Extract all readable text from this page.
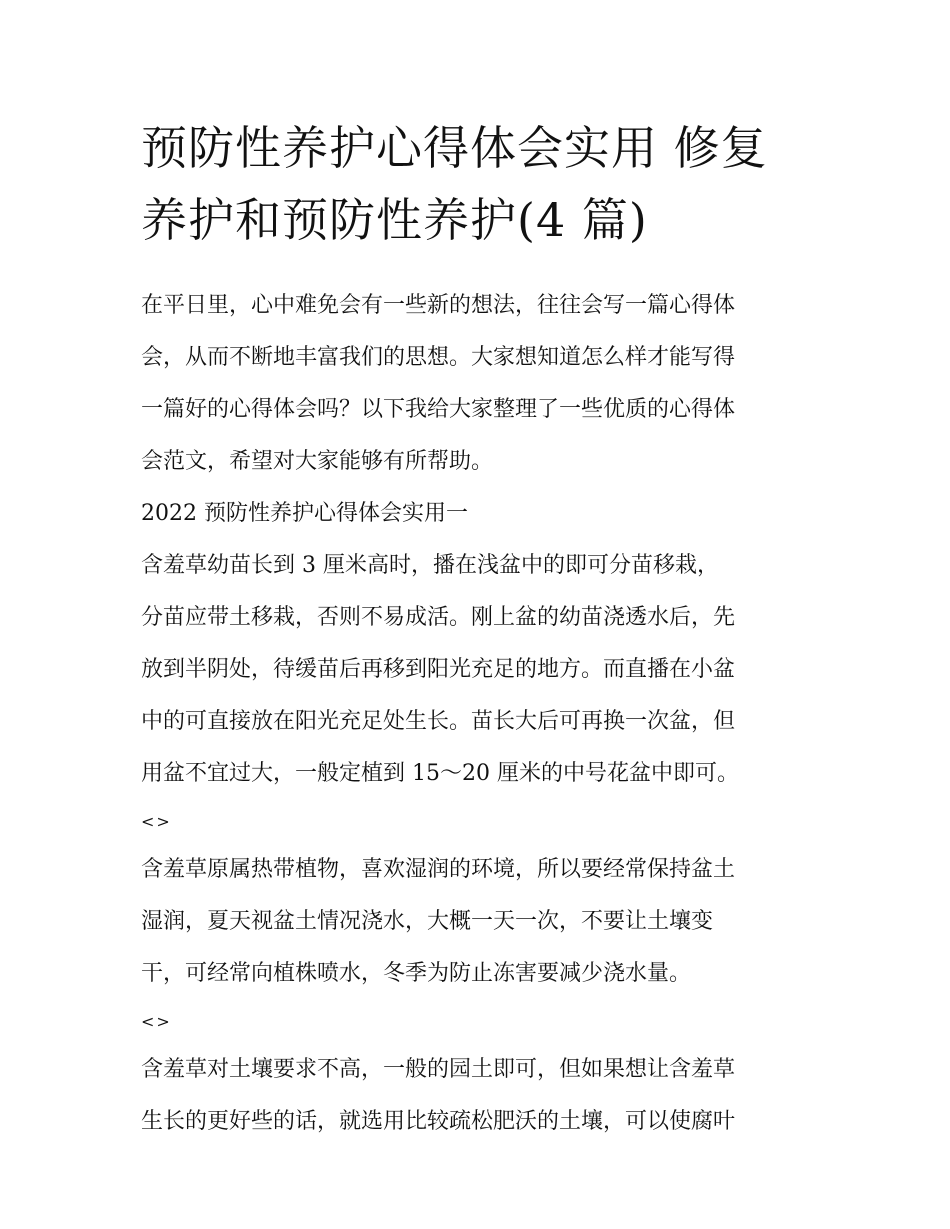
预防性养护心得体会实用 修复
养护和预防性养护(4 篇)
在平日里，心中难免会有一些新的想法，往往会写一篇心得体
会，从而不断地丰富我们的思想。大家想知道怎么样才能写得
一篇好的心得体会吗？以下我给大家整理了一些优质的心得体
会范文，希望对大家能够有所帮助。
2022 预防性养护心得体会实用一
含羞草幼苗长到 3 厘米高时，播在浅盆中的即可分苗移栽，
分苗应带土移栽，否则不易成活。刚上盆的幼苗浇透水后，先
放到半阴处，待缓苗后再移到阳光充足的地方。而直播在小盆
中的可直接放在阳光充足处生长。苗长大后可再换一次盆，但
用盆不宜过大，一般定植到 15～20 厘米的中号花盆中即可。
<>
含羞草原属热带植物，喜欢湿润的环境，所以要经常保持盆土
湿润，夏天视盆土情况浇水，大概一天一次，不要让土壤变
干，可经常向植株喷水，冬季为防止冻害要减少浇水量。
<>
含羞草对土壤要求不高，一般的园土即可，但如果想让含羞草
生长的更好些的话，就选用比较疏松肥沃的土壤，可以使腐叶
